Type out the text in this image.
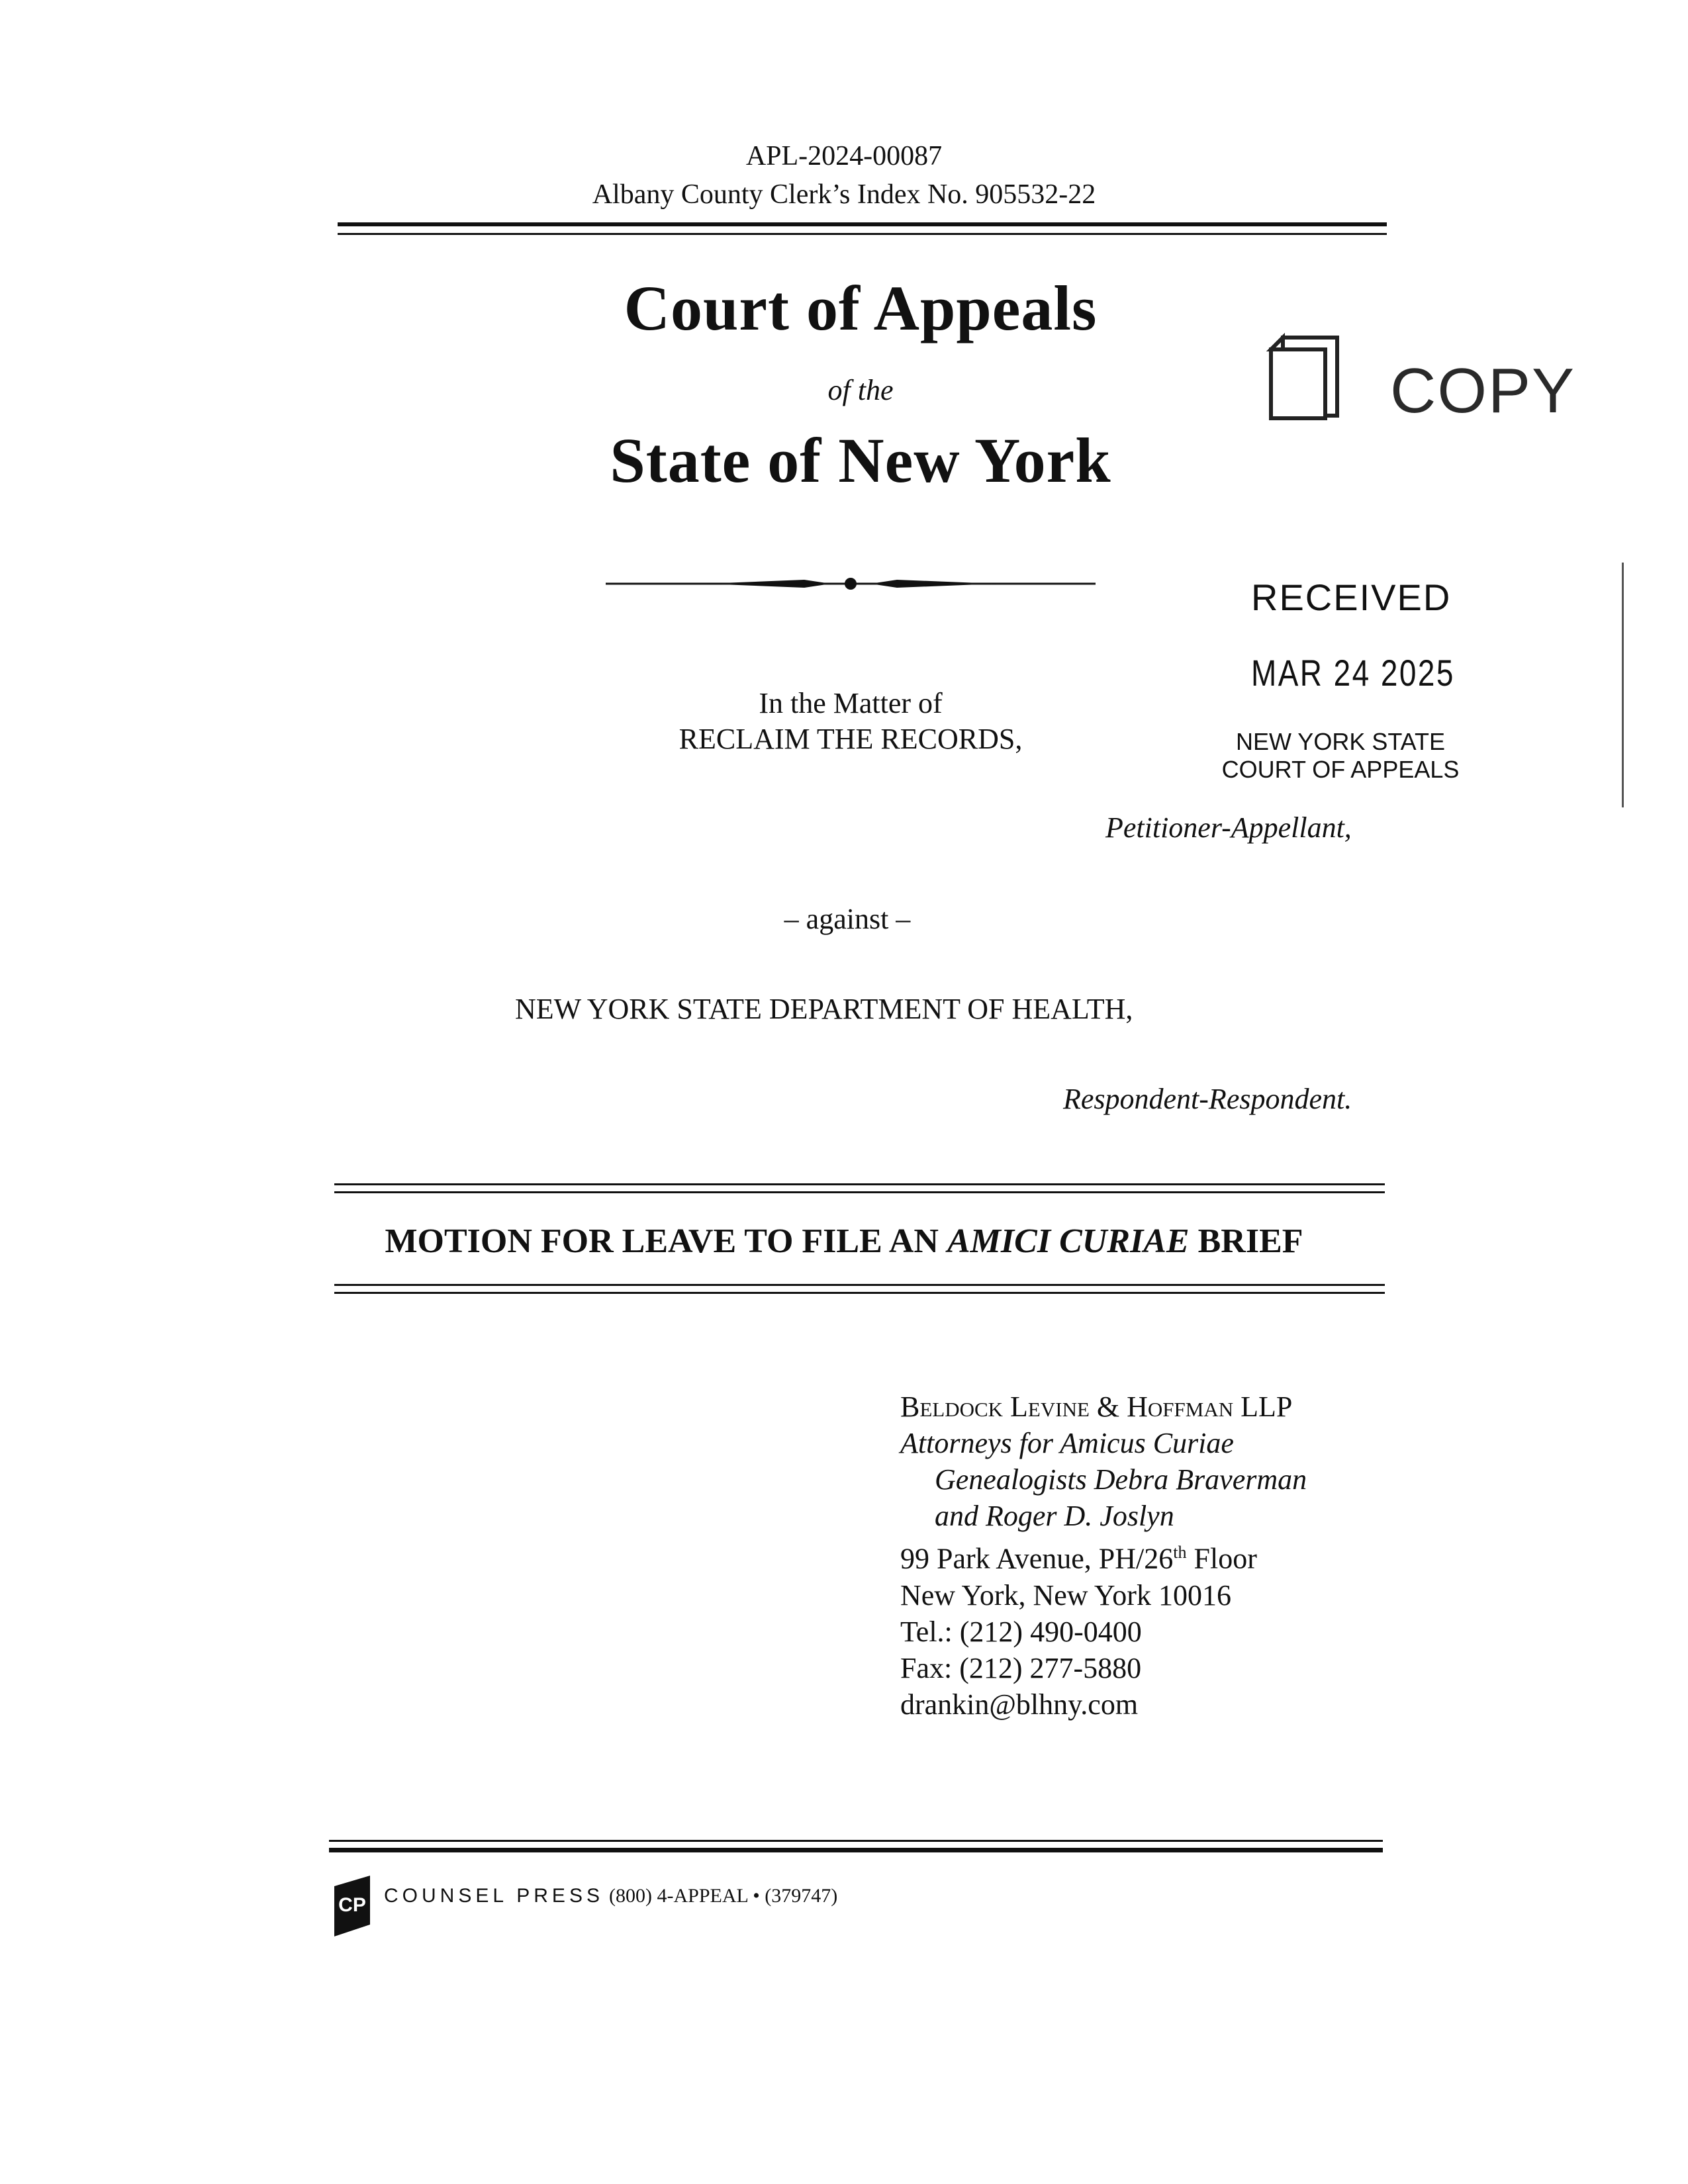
APL-2024-00087
Albany County Clerk’s Index No. 905532-22
Court of Appeals
of the
State of New York
COPY
RECEIVED
MAR 24 2025
NEW YORK STATE
COURT OF APPEALS
In the Matter of
RECLAIM THE RECORDS,
Petitioner-Appellant,
– against –
NEW YORK STATE DEPARTMENT OF HEALTH,
Respondent-Respondent.
MOTION FOR LEAVE TO FILE AN AMICI CURIAE BRIEF
Beldock Levine & Hoffman LLP
Attorneys for Amicus Curiae
Genealogists Debra Braverman
and Roger D. Joslyn
99 Park Avenue, PH/26th Floor
New York, New York 10016
Tel.: (212) 490-0400
Fax: (212) 277-5880
drankin@blhny.com
CP COUNSEL PRESS (800) 4-APPEAL • (379747)
